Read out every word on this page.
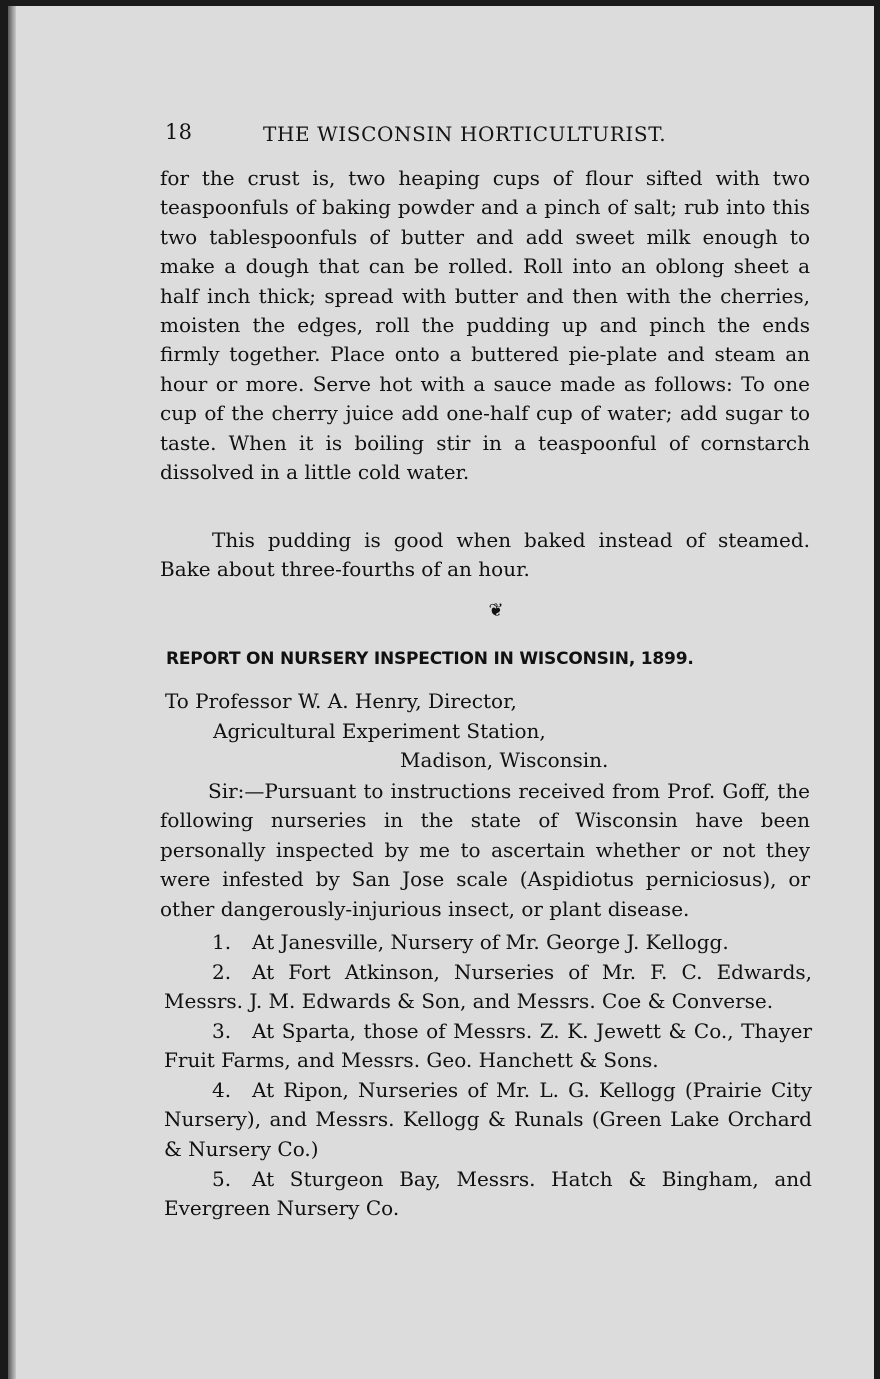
18	THE WISCONSIN HORTICULTURIST.
for the crust is, two heaping cups of flour sifted with two teaspoonfuls of baking powder and a pinch of salt; rub into this two tablespoonfuls of butter and add sweet milk enough to make a dough that can be rolled. Roll into an oblong sheet a half inch thick; spread with butter and then with the cherries, moisten the edges, roll the pudding up and pinch the ends firmly together. Place onto a buttered pie-plate and steam an hour or more. Serve hot with a sauce made as follows: To one cup of the cherry juice add one-half cup of water; add sugar to taste. When it is boiling stir in a teaspoonful of cornstarch dissolved in a little cold water.
This pudding is good when baked instead of steamed. Bake about three-fourths of an hour.
❦
REPORT ON NURSERY INSPECTION IN WISCONSIN, 1899.
To Professor W. A. Henry, Director,
Agricultural Experiment Station,
Madison, Wisconsin.
Sir:—Pursuant to instructions received from Prof. Goff, the following nurseries in the state of Wisconsin have been personally inspected by me to ascertain whether or not they were infested by San Jose scale (Aspidiotus perniciosus), or other dangerously-injurious insect, or plant disease.
1. At Janesville, Nursery of Mr. George J. Kellogg.
2. At Fort Atkinson, Nurseries of Mr. F. C. Edwards, Messrs. J. M. Edwards & Son, and Messrs. Coe & Converse.
3. At Sparta, those of Messrs. Z. K. Jewett & Co., Thayer Fruit Farms, and Messrs. Geo. Hanchett & Sons.
4. At Ripon, Nurseries of Mr. L. G. Kellogg (Prairie City Nursery), and Messrs. Kellogg & Runals (Green Lake Orchard & Nursery Co.)
5. At Sturgeon Bay, Messrs. Hatch & Bingham, and Evergreen Nursery Co.
